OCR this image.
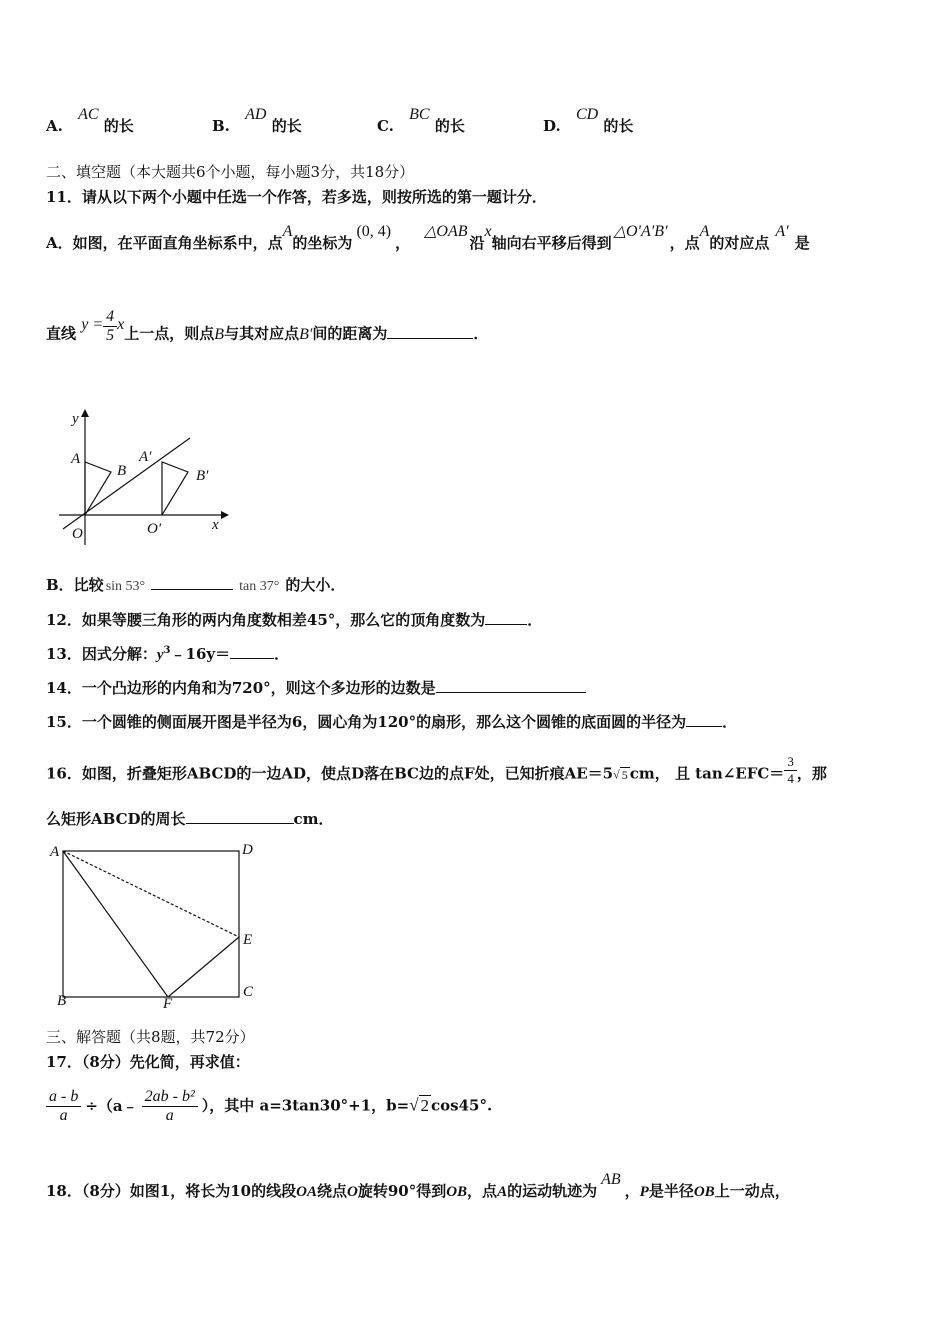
A. AC 的长	B. AD 的长	C. BC 的长	D. CD 的长
二、填空题（本大题共6个小题，每小题3分，共18分）
11．请从以下两个小题中任选一个作答，若多选，则按所选的第一题计分．
A．如图，在平面直角坐标系中，点A的坐标为(0, 4)，△OAB沿x轴向右平移后得到△O′A′B′，点A的对应点A′是
直线 $y = \frac{4}{5}$ x上一点，则点B与其对应点B′间的距离为	．
y
x
O	O′
A
B
A′
B′
B．比较 sin 53°	tan 37° 的大小．
12．如果等腰三角形的两内角度数相差45°，那么它的顶角度数为	．
13．因式分解：$y^3﹣16y=$	．
14．一个凸边形的内角和为720°，则这个多边形的边数是
15．一个圆锥的侧面展开图是半径为6，圆心角为120°的扇形，那么这个圆锥的底面圆的半径为 ．
16．如图，折叠矩形ABCD的一边AD，使点D落在BC边的点F处，已知折痕AE＝5√ 5 cm， 且 tan∠EFC＝ $\frac{3}{4}$ ，那
么矩形ABCD的周长	cm．
A	D
E
C
B	F
三、解答题（共8题，共72分）
17．（8分）先化简，再求值：
$\frac{a - b}{a}$ ÷（a﹣ $\frac{\text{2ab - b²}}{a}$ ），其中 a=3tan30°+1，b=√ 2 cos45°.
18．（8分）如图1，将长为10的线段OA绕点O旋转90°得到OB，点A的运动轨迹为AB，P是半径OB上一动点，
